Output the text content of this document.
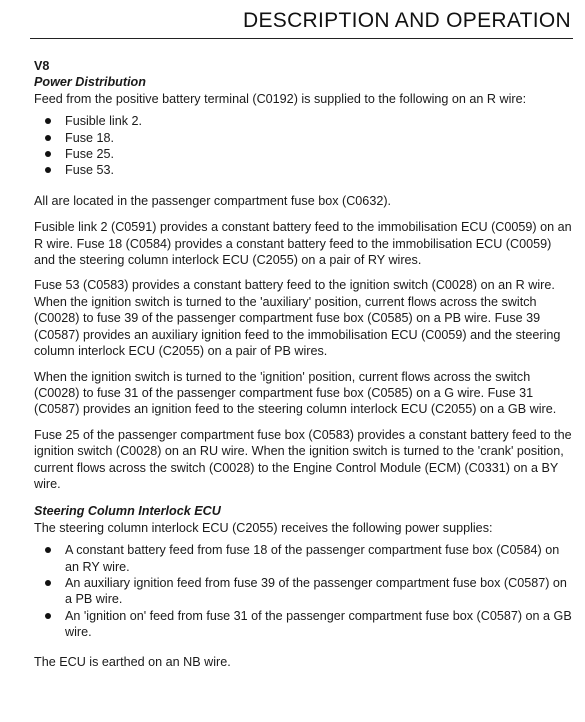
DESCRIPTION AND OPERATION

V8

Power Distribution

Feed from the positive battery terminal (C0192) is supplied to the following on an R wire:

Fusible link 2.
Fuse 18.
Fuse 25.
Fuse 53.

All are located in the passenger compartment fuse box (C0632).

Fusible link 2 (C0591) provides a constant battery feed to the immobilisation ECU (C0059) on an R wire. Fuse 18 (C0584) provides a constant battery feed to the immobilisation ECU (C0059) and the steering column interlock ECU (C2055) on a pair of RY wires.

Fuse 53 (C0583) provides a constant battery feed to the ignition switch (C0028) on an R wire. When the ignition switch is turned to the 'auxiliary' position, current flows across the switch (C0028) to fuse 39 of the passenger compartment fuse box (C0585) on a PB wire. Fuse 39 (C0587) provides an auxiliary ignition feed to the immobilisation ECU (C0059) and the steering column interlock ECU (C2055) on a pair of PB wires.

When the ignition switch is turned to the 'ignition' position, current flows across the switch (C0028) to fuse 31 of the passenger compartment fuse box (C0585) on a G wire. Fuse 31 (C0587) provides an ignition feed to the steering column interlock ECU (C2055) on a GB wire.

Fuse 25 of the passenger compartment fuse box (C0583) provides a constant battery feed to the ignition switch (C0028) on an RU wire. When the ignition switch is turned to the 'crank' position, current flows across the switch (C0028) to the Engine Control Module (ECM) (C0331) on a BY wire.

Steering Column Interlock ECU

The steering column interlock ECU (C2055) receives the following power supplies:

A constant battery feed from fuse 18 of the passenger compartment fuse box (C0584) on an RY wire.
An auxiliary ignition feed from fuse 39 of the passenger compartment fuse box (C0587) on a PB wire.
An 'ignition on' feed from fuse 31 of the passenger compartment fuse box (C0587) on a GB wire.

The ECU is earthed on an NB wire.
